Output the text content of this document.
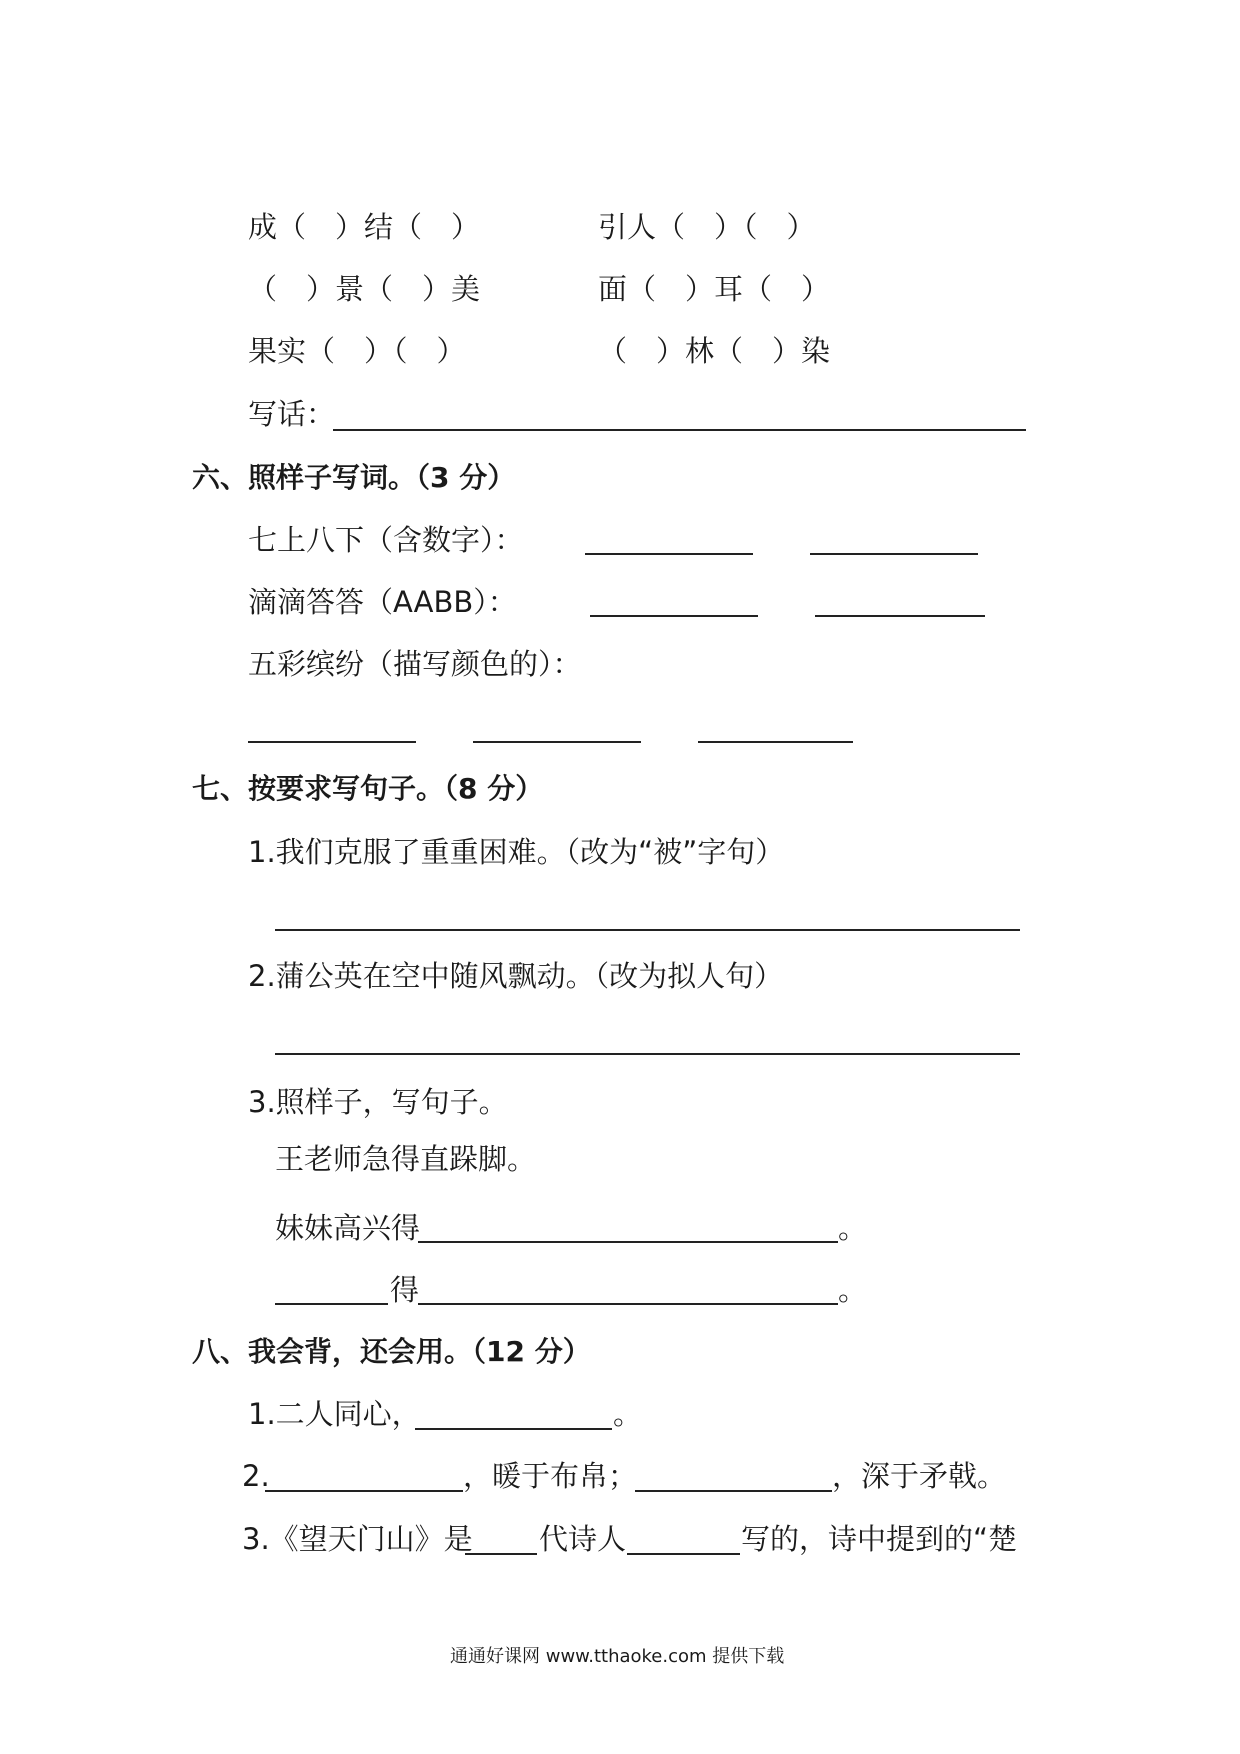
成（　）结（　）	引人（　）（　）
（　）景（　）美	面（　）耳（　）
果实（　）（　）	（　）林（　）染
写话：
六、照样子写词。（3 分）
七上八下（含数字）：
滴滴答答（AABB）：
五彩缤纷（描写颜色的）：
七、按要求写句子。（8 分）
1.我们克服了重重困难。（改为“被”字句）
2.蒲公英在空中随风飘动。（改为拟人句）
3.照样子，写句子。
王老师急得直跺脚。
妹妹高兴得	。
得	。
八、我会背，还会用。（12 分）
1.二人同心，	。
2.	，暖于布帛；	，深于矛戟。
3.《望天门山》是 代诗人	写的，诗中提到的“楚
通通好课网 www.tthaoke.com 提供下载
